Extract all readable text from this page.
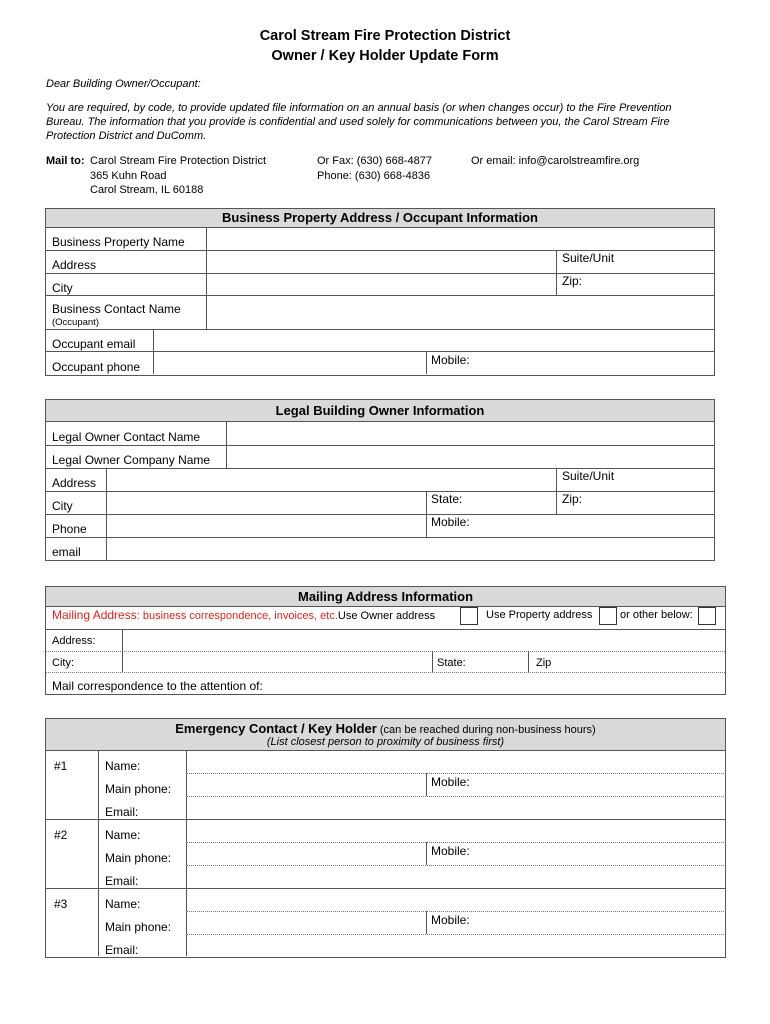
Carol Stream Fire Protection District
Owner / Key Holder Update Form
Dear Building Owner/Occupant:
You are required, by code, to provide updated file information on an annual basis (or when changes occur) to the Fire Prevention
Bureau. The information that you provide is confidential and used solely for communications between you, the Carol Stream Fire
Protection District and DuComm.
Mail to: Carol Stream Fire Protection District
365 Kuhn Road
Carol Stream, IL 60188
Or Fax: (630) 668-4877
Phone: (630) 668-4836
Or email: info@carolstreamfire.org
Business Property Address / Occupant Information
Business Property Name
Address	Suite/Unit
City	Zip:
Business Contact Name
(Occupant)
Occupant email
Occupant phone	Mobile:
Legal Building Owner Information
Legal Owner Contact Name
Legal Owner Company Name
Address	Suite/Unit
City	State:	Zip:
Phone	Mobile:
email
Mailing Address Information
Mailing Address: business correspondence, invoices, etc.Use Owner address	Use Property address	or other below:
Address:
City:	State:	Zip
Mail correspondence to the attention of:
Emergency Contact / Key Holder (can be reached during non-business hours)
(List closest person to proximity of business first)
#1	Name:
Main phone:	Mobile:
Email:
#2	Name:
Main phone:	Mobile:
Email:
#3	Name:
Main phone:	Mobile:
Email:
